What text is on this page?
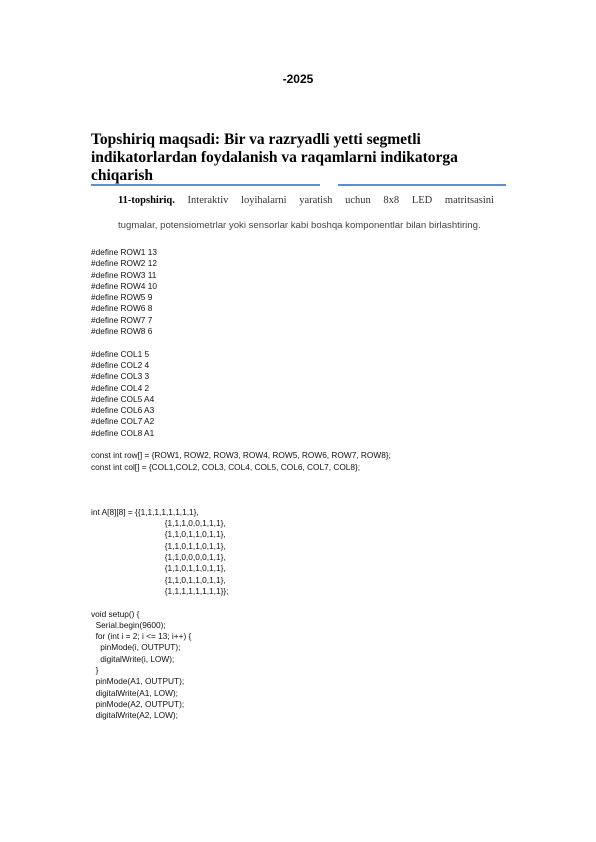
-2025
Topshiriq maqsadi: Bir va razryadli yetti segmetli indikatorlardan foydalanish va raqamlarni indikatorga chiqarish
11-topshiriq. Interaktiv loyihalarni yaratish uchun 8x8 LED matritsasini
tugmalar, potensiometrlar yoki sensorlar kabi boshqa komponentlar bilan birlashtiring.
#define ROW1 13
#define ROW2 12
#define ROW3 11
#define ROW4 10
#define ROW5 9
#define ROW6 8
#define ROW7 7
#define ROW8 6
#define COL1 5
#define COL2 4
#define COL3 3
#define COL4 2
#define COL5 A4
#define COL6 A3
#define COL7 A2
#define COL8 A1
const int row[] = {ROW1, ROW2, ROW3, ROW4, ROW5, ROW6, ROW7, ROW8};
const int col[] = {COL1,COL2, COL3, COL4, COL5, COL6, COL7, COL8};
int A[8][8] = {{1,1,1,1,1,1,1,1},
{1,1,1,0,0,1,1,1},
{1,1,0,1,1,0,1,1},
{1,1,0,1,1,0,1,1},
{1,1,0,0,0,0,1,1},
{1,1,0,1,1,0,1,1},
{1,1,0,1,1,0,1,1},
{1,1,1,1,1,1,1,1}};
void setup() {
Serial.begin(9600);
for (int i = 2; i <= 13; i++) {
pinMode(i, OUTPUT);
digitalWrite(i, LOW);
}
pinMode(A1, OUTPUT);
digitalWrite(A1, LOW);
pinMode(A2, OUTPUT);
digitalWrite(A2, LOW);
